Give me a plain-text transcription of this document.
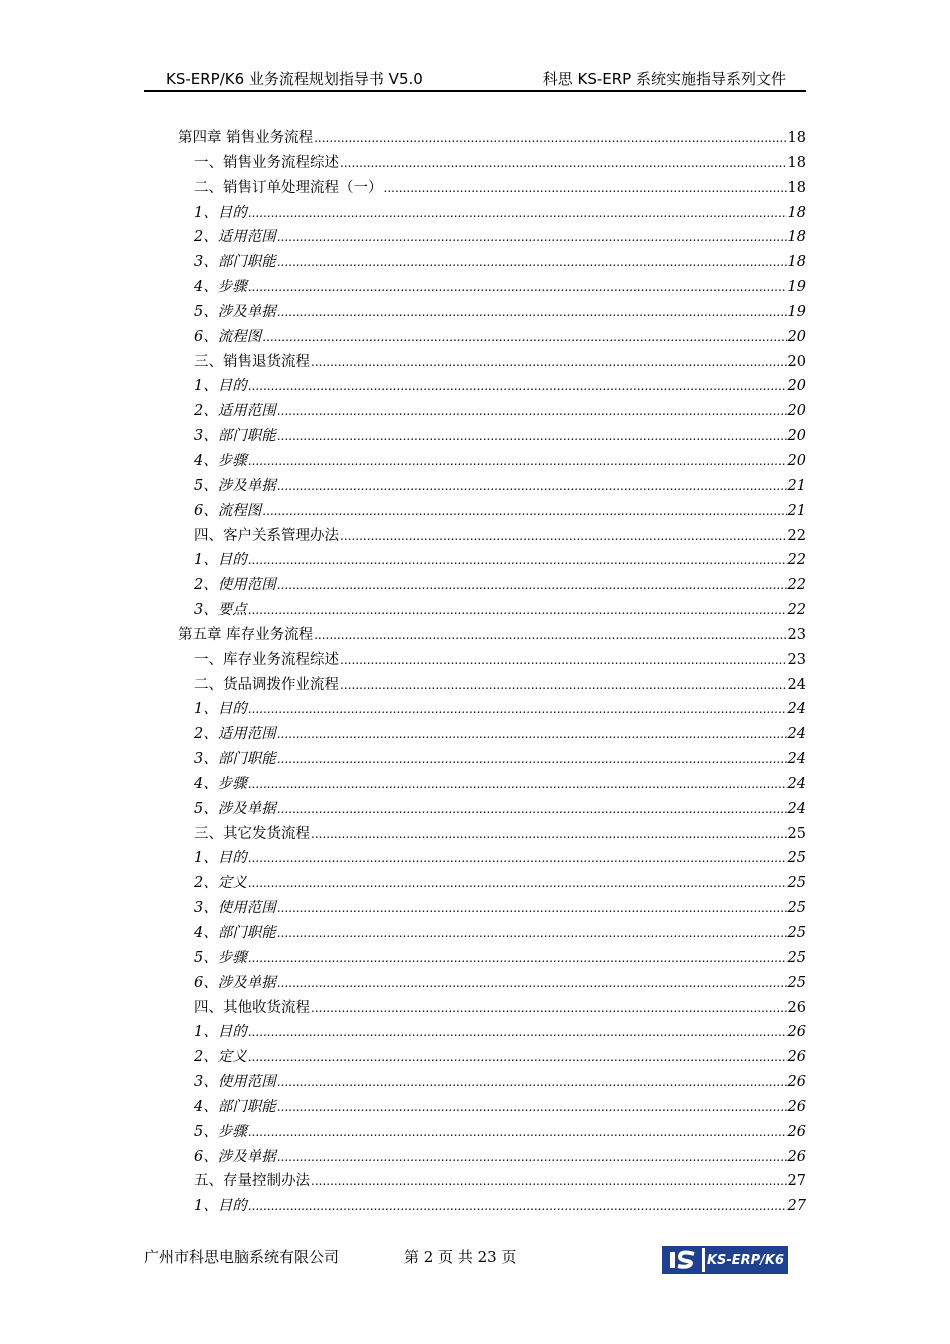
KS-ERP/K6 业务流程规划指导书 V5.0	科思 KS-ERP 系统实施指导系列文件
第四章 销售业务流程 .....	18
一、销售业务流程综述 .....	18
二、销售订单处理流程（一） .....	18
1、目的 .....	18
2、适用范围 .....	18
3、部门职能 .....	18
4、步骤 .....	19
5、涉及单据 .....	19
6、流程图 .....	20
三、销售退货流程 .....	20
1、目的 .....	20
2、适用范围 .....	20
3、部门职能 .....	20
4、步骤 .....	20
5、涉及单据 .....	21
6、流程图 .....	21
四、客户关系管理办法 .....	22
1、目的 .....	22
2、使用范围 .....	22
3、要点 .....	22
第五章 库存业务流程 .....	23
一、库存业务流程综述 .....	23
二、货品调拨作业流程 .....	24
1、目的 .....	24
2、适用范围 .....	24
3、部门职能 .....	24
4、步骤 .....	24
5、涉及单据 .....	24
三、其它发货流程 .....	25
1、目的 .....	25
2、定义 .....	25
3、使用范围 .....	25
4、部门职能 .....	25
5、步骤 .....	25
6、涉及单据 .....	25
四、其他收货流程 .....	26
1、目的 .....	26
2、定义 .....	26
3、使用范围 .....	26
4、部门职能 .....	26
5、步骤 .....	26
6、涉及单据 .....	26
五、存量控制办法 .....	27
1、目的 .....	27
广州市科思电脑系统有限公司	第 2 页 共 23 页	KS-ERP/K6
